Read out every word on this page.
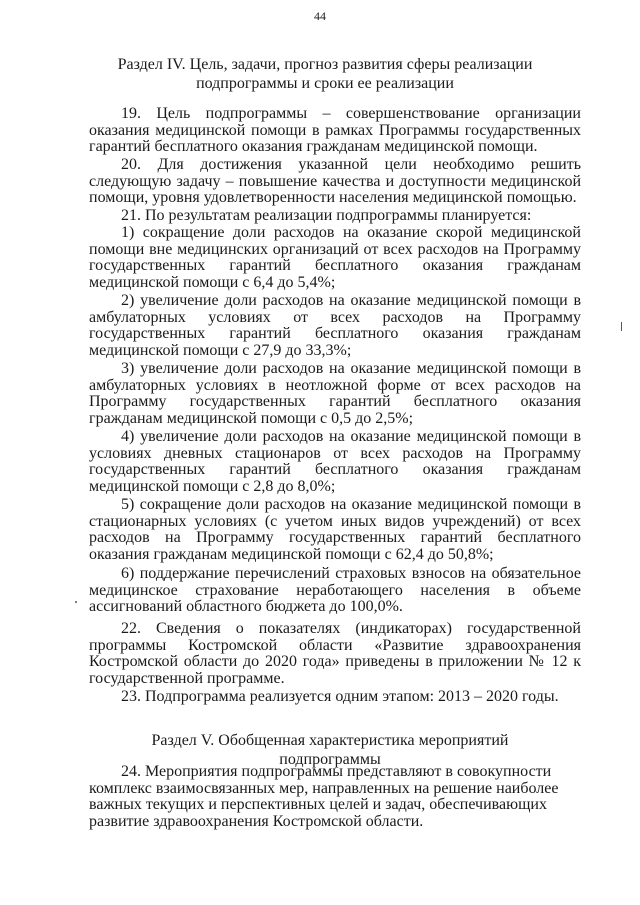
44
Раздел IV. Цель, задачи, прогноз развития сферы реализации подпрограммы и сроки ее реализации

19. Цель подпрограммы – совершенствование организации оказания медицинской помощи в рамках Программы государственных гарантий бесплатного оказания гражданам медицинской помощи.

20. Для достижения указанной цели необходимо решить следующую задачу – повышение качества и доступности медицинской помощи, уровня удовлетворенности населения медицинской помощью.

21. По результатам реализации подпрограммы планируется:

1) сокращение доли расходов на оказание скорой медицинской помощи вне медицинских организаций от всех расходов на Программу государственных гарантий бесплатного оказания гражданам медицинской помощи с 6,4 до 5,4%;

2) увеличение доли расходов на оказание медицинской помощи в амбулаторных условиях от всех расходов на Программу государственных гарантий бесплатного оказания гражданам медицинской помощи с 27,9 до 33,3%;

3) увеличение доли расходов на оказание медицинской помощи в амбулаторных условиях в неотложной форме от всех расходов на Программу государственных гарантий бесплатного оказания гражданам медицинской помощи с 0,5 до 2,5%;

4) увеличение доли расходов на оказание медицинской помощи в условиях дневных стационаров от всех расходов на Программу государственных гарантий бесплатного оказания гражданам медицинской помощи с 2,8 до 8,0%;

5) сокращение доли расходов на оказание медицинской помощи в стационарных условиях (с учетом иных видов учреждений) от всех расходов на Программу государственных гарантий бесплатного оказания гражданам медицинской помощи с 62,4 до 50,8%;

6) поддержание перечислений страховых взносов на обязательное медицинское страхование неработающего населения в объеме ассигнований областного бюджета до 100,0%.

22. Сведения о показателях (индикаторах) государственной программы Костромской области «Развитие здравоохранения Костромской области до 2020 года» приведены в приложении № 12 к государственной программе.

23. Подпрограмма реализуется одним этапом: 2013 – 2020 годы.

Раздел V. Обобщенная характеристика мероприятий подпрограммы

24. Мероприятия подпрограммы представляют в совокупности
комплекс взаимосвязанных мер, направленных на решение наиболее
важных текущих и перспективных целей и задач, обеспечивающих
развитие здравоохранения Костромской области.
